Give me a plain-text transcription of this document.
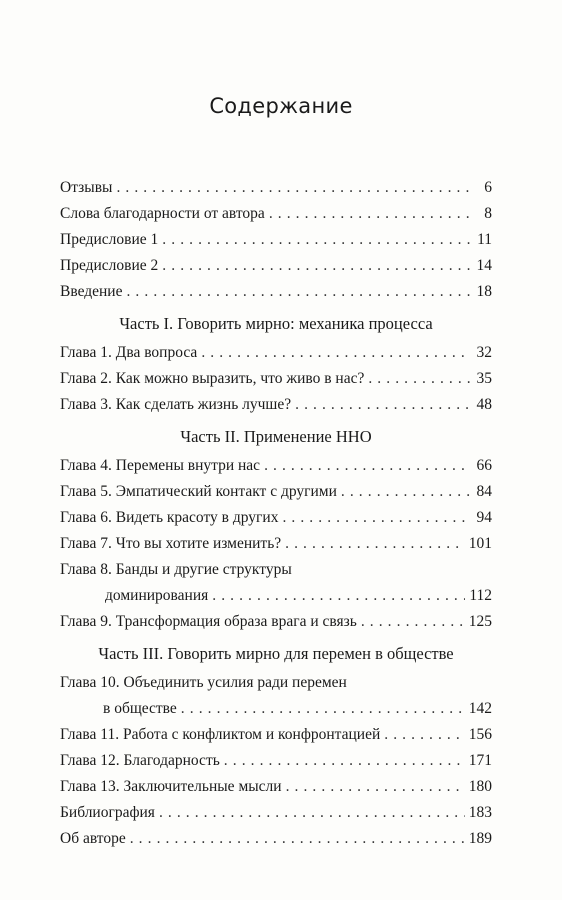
Содержание
Отзывы . . .	6
Слова благодарности от автора . . .	8
Предисловие 1 . . .	11
Предисловие 2 . . .	14
Введение . . .	18
Часть I. Говорить мирно: механика процесса
Глава 1. Два вопроса . . .	32
Глава 2. Как можно выразить, что живо в нас? . . .	35
Глава 3. Как сделать жизнь лучше? . . .	48
Часть II. Применение ННО
Глава 4. Перемены внутри нас . . .	66
Глава 5. Эмпатический контакт с другими . . .	84
Глава 6. Видеть красоту в других . . .	94
Глава 7. Что вы хотите изменить? . . .	101
Глава 8. Банды и другие структуры
доминирования . . .	112
Глава 9. Трансформация образа врага и связь . . .	125
Часть III. Говорить мирно для перемен в обществе
Глава 10. Объединить усилия ради перемен
в обществе . . .	142
Глава 11. Работа с конфликтом и конфронтацией . . .	156
Глава 12. Благодарность . . .	171
Глава 13. Заключительные мысли . . .	180
Библиография . . .	183
Об авторе . . .	189
